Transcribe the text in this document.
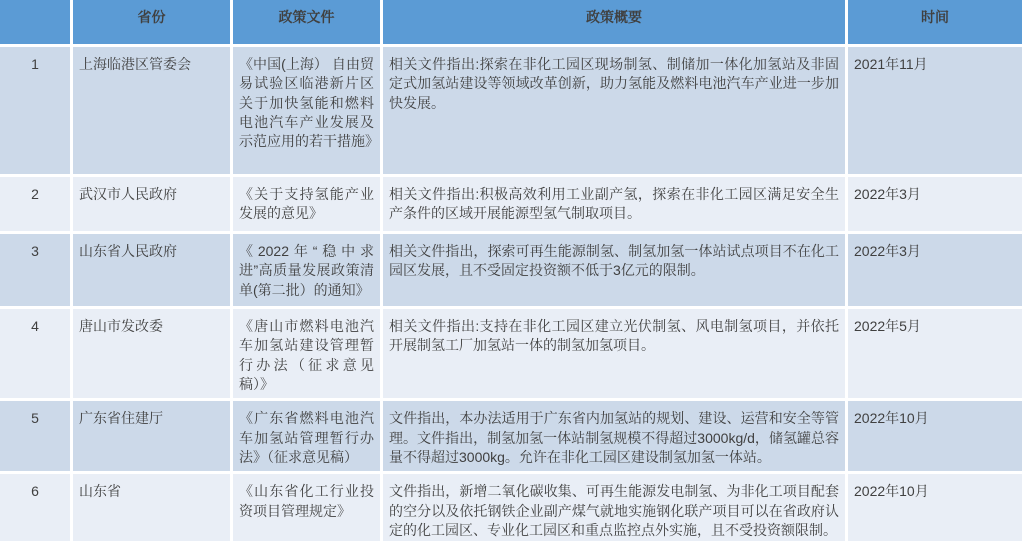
	省份	政策文件	政策概要	时间
1	上海临港区管委会	《中国(上海） 自由贸易试验区临港新片区关于加快氢能和燃料电池汽车产业发展及示范应用的若干措施》	相关文件指出:探索在非化工园区现场制氢、制储加一体化加氢站及非固定式加氢站建设等领域改革创新，助力氢能及燃料电池汽车产业进一步加快发展。	2021年11月
2	武汉市人民政府	《关于支持氢能产业发展的意见》	相关文件指出:积极高效利用工业副产氢，探索在非化工园区满足安全生产条件的区域开展能源型氢气制取项目。	2022年3月
3	山东省人民政府	《2022年“稳中求进”高质量发展政策清单(第二批）的通知》	相关文件指出，探索可再生能源制氢、制氢加氢一体站试点项目不在化工园区发展，且不受固定投资额不低于3亿元的限制。	2022年3月
4	唐山市发改委	《唐山市燃料电池汽车加氢站建设管理暂行办法（征求意见稿）》	相关文件指出:支持在非化工园区建立光伏制氢、风电制氢项目，并依托开展制氢工厂加氢站一体的制氢加氢项目。	2022年5月
5	广东省住建厅	《广东省燃料电池汽车加氢站管理暂行办法》（征求意见稿）	文件指出，本办法适用于广东省内加氢站的规划、建设、运营和安全等管理。文件指出，制氢加氢一体站制氢规模不得超过3000kg/d，储氢罐总容量不得超过3000kg。允许在非化工园区建设制氢加氢一体站。	2022年10月
6	山东省	《山东省化工行业投资项目管理规定》	文件指出，新增二氧化碳收集、可再生能源发电制氢、为非化工项目配套的空分以及依托钢铁企业副产煤气就地实施钢化联产项目可以在省政府认定的化工园区、专业化工园区和重点监控点外实施，且不受投资额限制。	2022年10月
